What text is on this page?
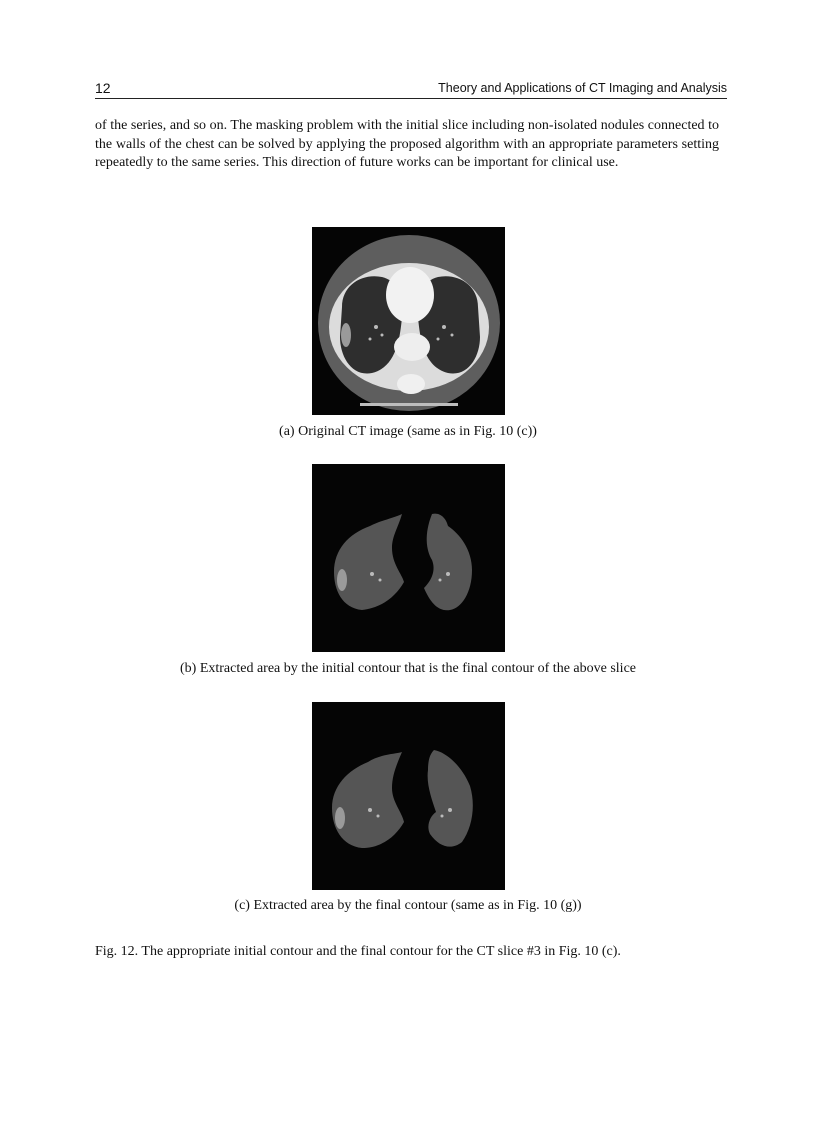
12	Theory and Applications of CT Imaging and Analysis

of the series, and so on. The masking problem with the initial slice including non-isolated nodules connected to the walls of the chest can be solved by applying the proposed algorithm with an appropriate parameters setting repeatedly to the same series. This direction of future works can be important for clinical use.

(a) Original CT image (same as in Fig. 10 (c))
(b) Extracted area by the initial contour that is the final contour of the above slice
(c) Extracted area by the final contour (same as in Fig. 10 (g))
Fig. 12. The appropriate initial contour and the final contour for the CT slice #3 in Fig. 10 (c).
